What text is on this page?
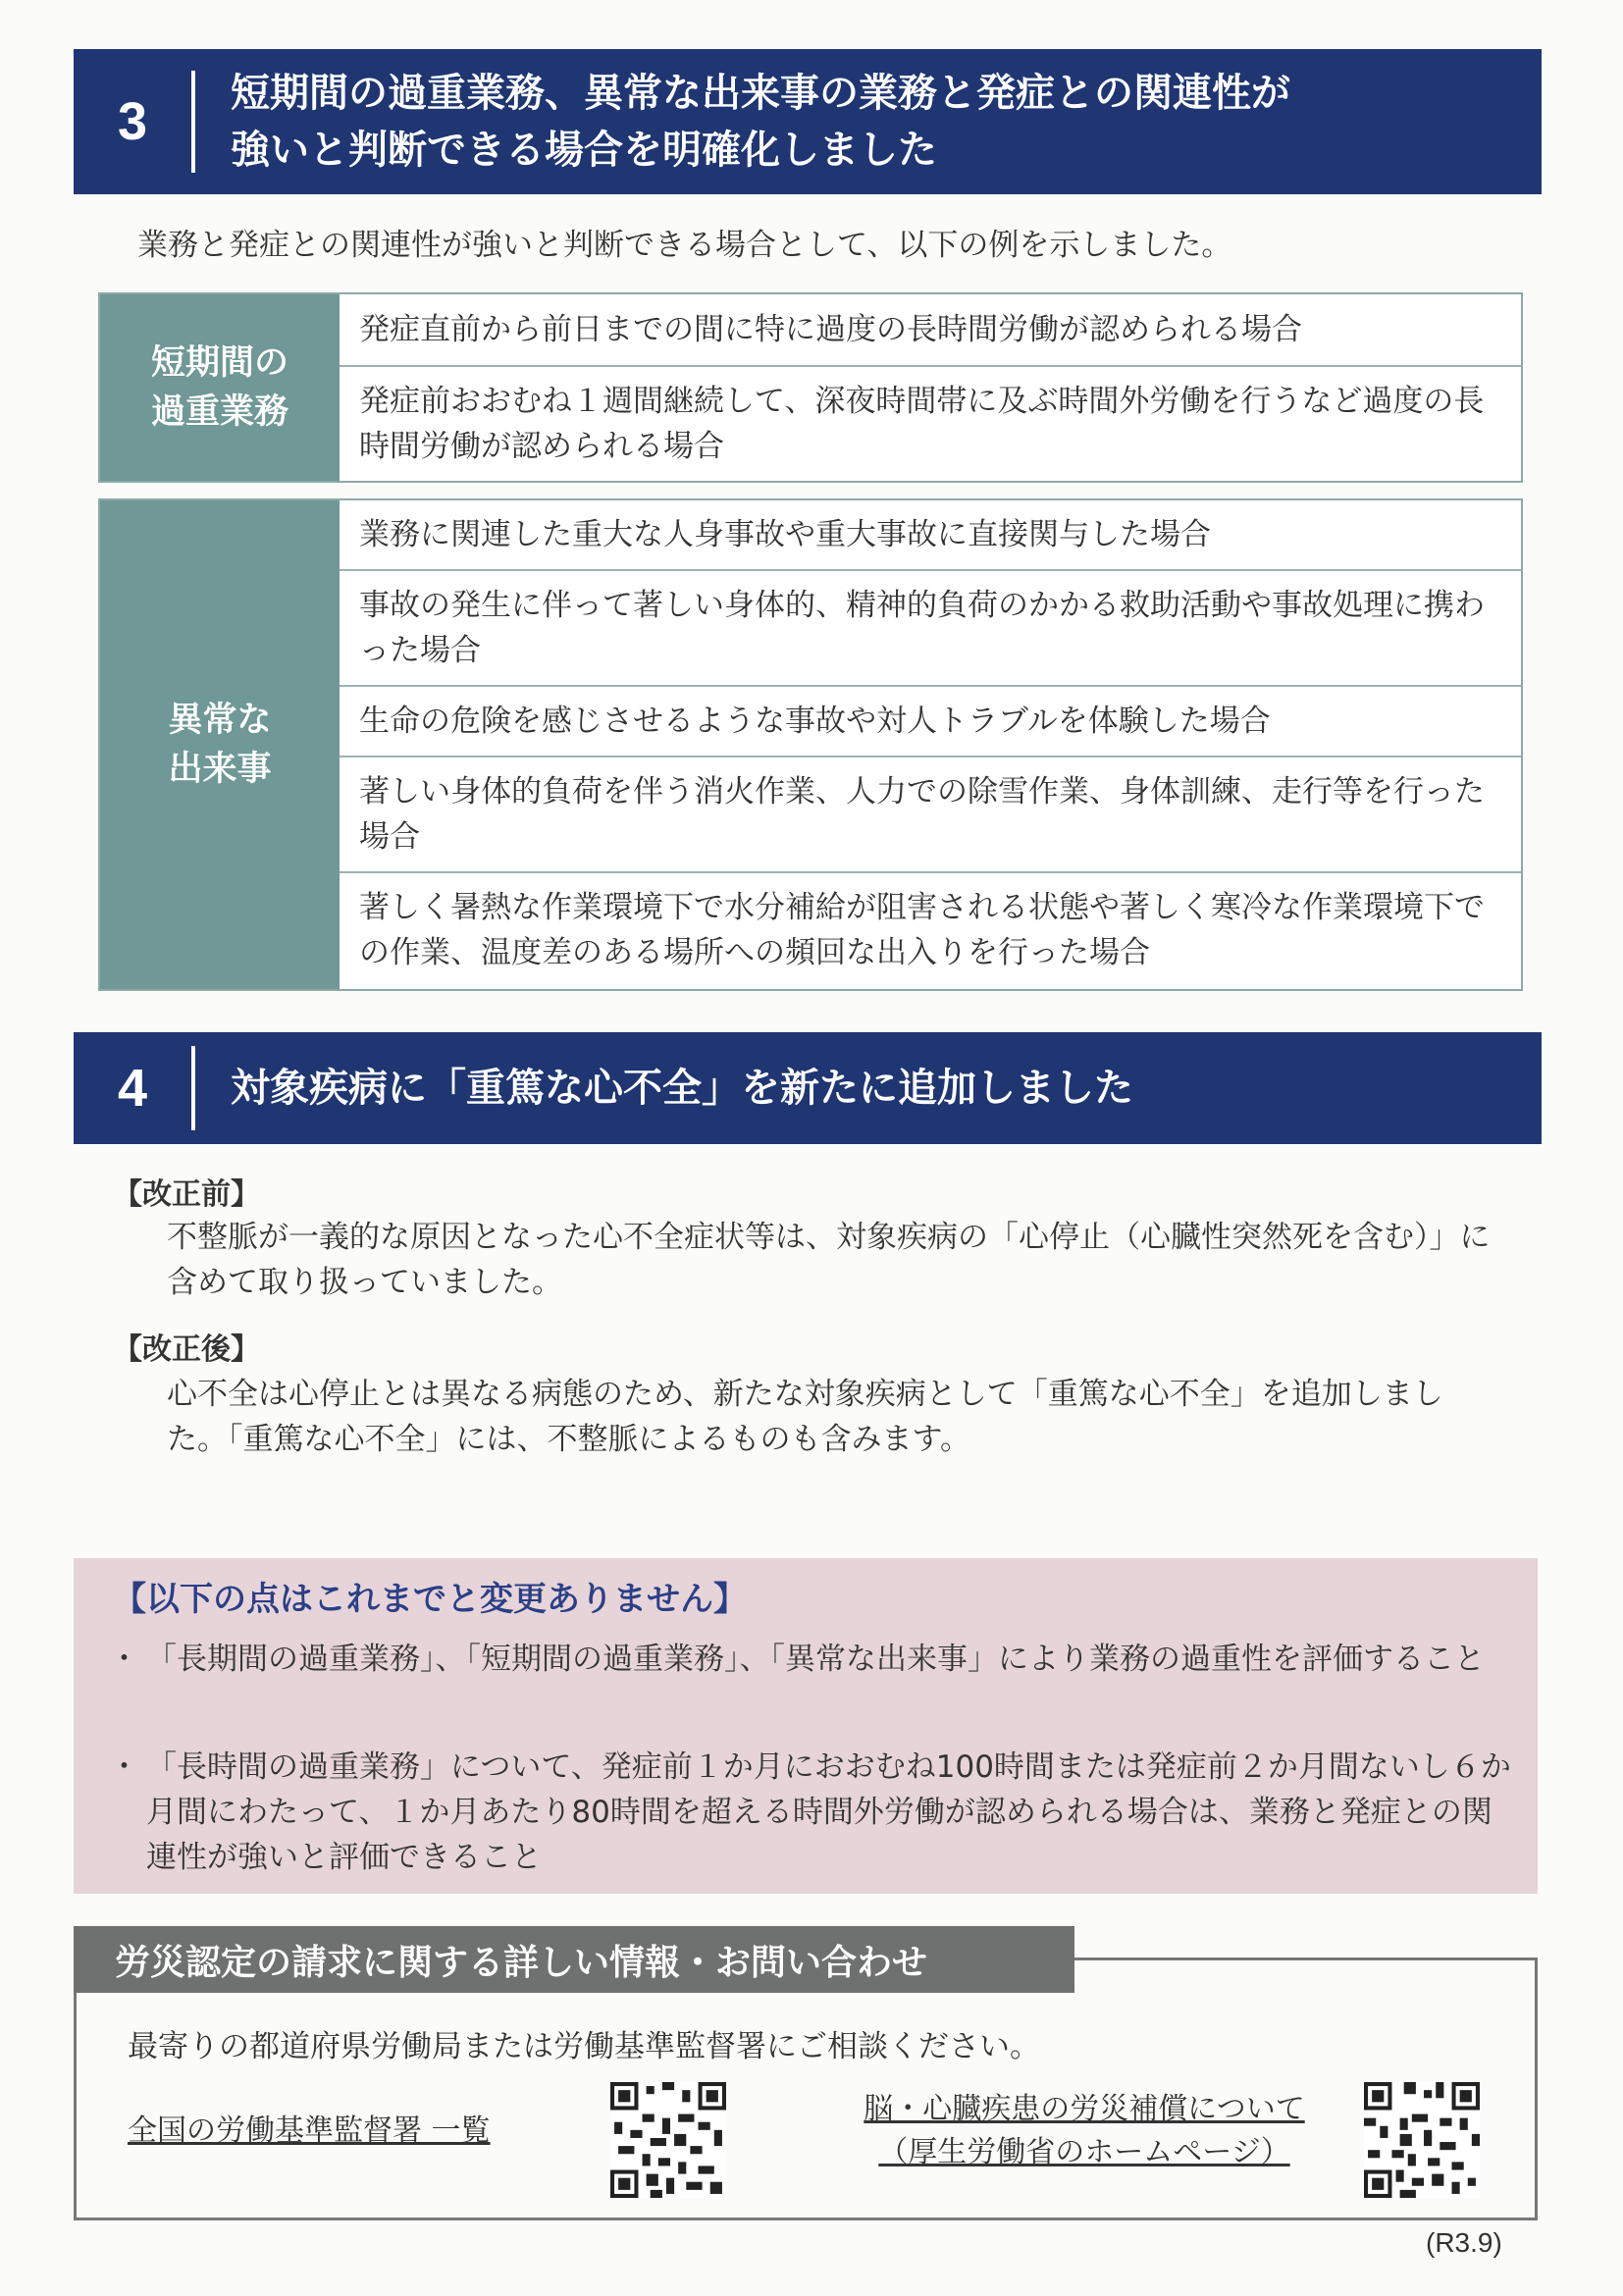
3	短期間の過重業務、異常な出来事の業務と発症との関連性が
強いと判断できる場合を明確化しました
業務と発症との関連性が強いと判断できる場合として、以下の例を示しました。
短期間の
過重業務
発症直前から前日までの間に特に過度の長時間労働が認められる場合
発症前おおむね１週間継続して、深夜時間帯に及ぶ時間外労働を行うなど過度の長時間労働が認められる場合
異常な
出来事
業務に関連した重大な人身事故や重大事故に直接関与した場合
事故の発生に伴って著しい身体的、精神的負荷のかかる救助活動や事故処理に携わった場合
生命の危険を感じさせるような事故や対人トラブルを体験した場合
著しい身体的負荷を伴う消火作業、人力での除雪作業、身体訓練、走行等を行った場合
著しく暑熱な作業環境下で水分補給が阻害される状態や著しく寒冷な作業環境下での作業、温度差のある場所への頻回な出入りを行った場合
4	対象疾病に「重篤な心不全」を新たに追加しました
【改正前】
不整脈が一義的な原因となった心不全症状等は、対象疾病の「心停止（心臓性突然死を含む）」に含めて取り扱っていました。
【改正後】
心不全は心停止とは異なる病態のため、新たな対象疾病として「重篤な心不全」を追加しました。「重篤な心不全」には、不整脈によるものも含みます。
【以下の点はこれまでと変更ありません】
・ 「長期間の過重業務」、「短期間の過重業務」、「異常な出来事」により業務の過重性を評価すること
・ 「長時間の過重業務」について、発症前１か月におおむね100時間または発症前２か月間ないし６か月間にわたって、１か月あたり80時間を超える時間外労働が認められる場合は、業務と発症との関連性が強いと評価できること
労災認定の請求に関する詳しい情報・お問い合わせ
最寄りの都道府県労働局または労働基準監督署にご相談ください。
全国の労働基準監督署 一覧
脳・心臓疾患の労災補償について
（厚生労働省のホームページ）
(R3.9)
